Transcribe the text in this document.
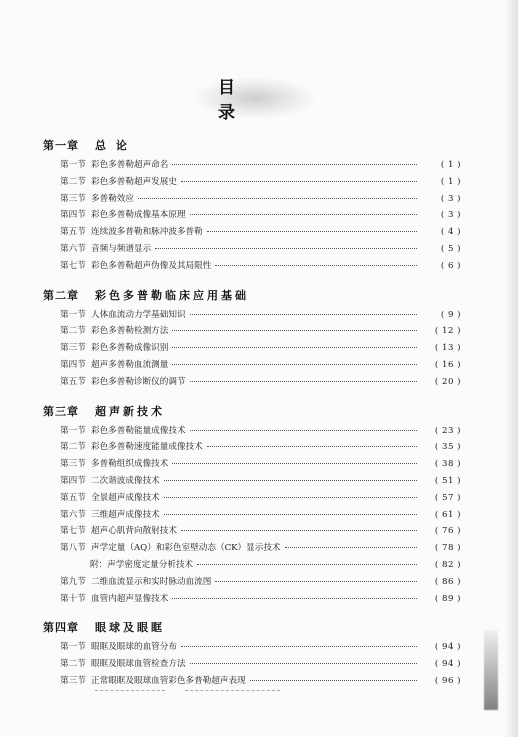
目 录
第一章	总 论
第一节 彩色多普勒超声命名	( 1 )
第二节 彩色多普勒超声发展史	( 1 )
第三节 多普勒效应	( 3 )
第四节 彩色多普勒成像基本原理	( 3 )
第五节 连续波多普勒和脉冲波多普勒	( 4 )
第六节 音频与频谱显示	( 5 )
第七节 彩色多普勒超声伪像及其局限性	( 6 )
第二章	彩色多普勒临床应用基础
第一节 人体血流动力学基础知识	( 9 )
第二节 彩色多普勒检测方法	( 12 )
第三节 彩色多普勒成像识别	( 13 )
第四节 超声多普勒血流测量	( 16 )
第五节 彩色多普勒诊断仪的调节	( 20 )
第三章	超声新技术
第一节 彩色多普勒能量成像技术	( 23 )
第二节 彩色多普勒速度能量成像技术	( 35 )
第三节 多普勒组织成像技术	( 38 )
第四节 二次谐波成像技术	( 51 )
第五节 全景超声成像技术	( 57 )
第六节 三维超声成像技术	( 61 )
第七节 超声心肌背向散射技术	( 76 )
第八节 声学定量（AQ）和彩色室壁动态（CK）显示技术	( 78 )
附：声学密度定量分析技术	( 82 )
第九节 二维血流显示和实时脉动血流图	( 86 )
第十节 血管内超声显像技术	( 89 )
第四章	眼球及眼眶
第一节 眼眶及眼球的血管分布	( 94 )
第二节 眼眶及眼球血管检查方法	( 94 )
第三节 正常眼眶及眼球血管彩色多普勒超声表现	( 96 )
